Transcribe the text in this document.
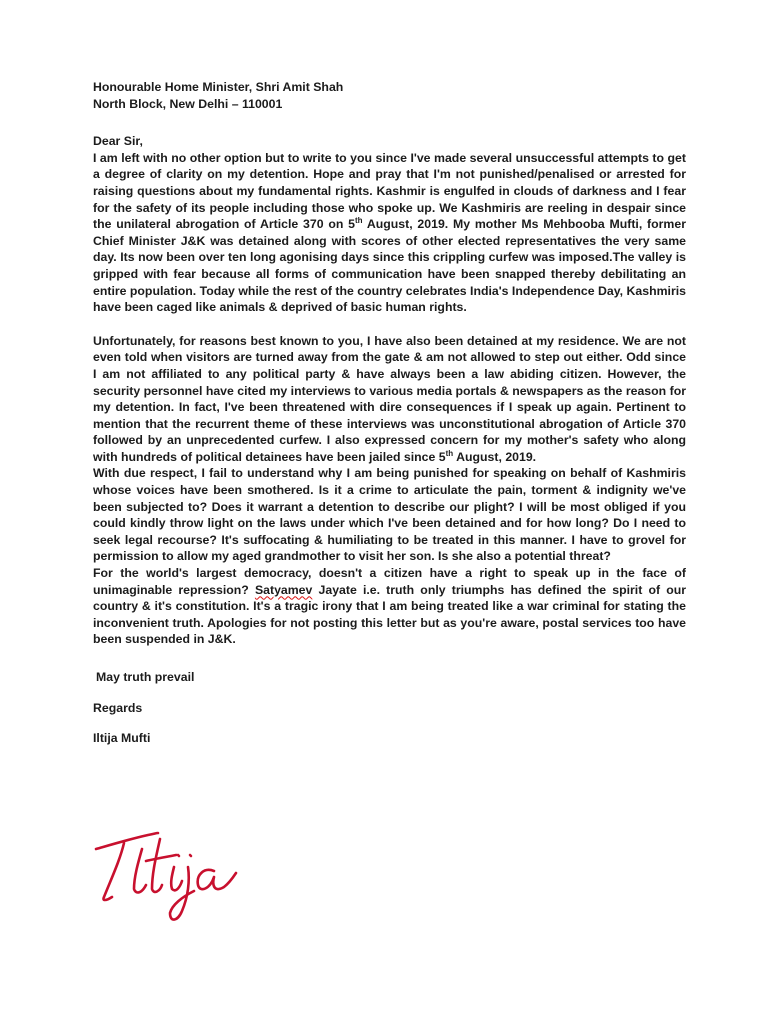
Honourable Home Minister, Shri Amit Shah

North Block, New Delhi – 110001

Dear Sir,

I am left with no other option but to write to you since I've made several unsuccessful attempts to get a degree of clarity on my detention. Hope and pray that I'm not punished/penalised or arrested for raising questions about my fundamental rights. Kashmir is engulfed in clouds of darkness and I fear for the safety of its people including those who spoke up. We Kashmiris are reeling in despair since the unilateral abrogation of Article 370 on 5th August, 2019. My mother Ms Mehbooba Mufti, former Chief Minister J&K was detained along with scores of other elected representatives the very same day. Its now been over ten long agonising days since this crippling curfew was imposed.The valley is gripped with fear because all forms of communication have been snapped thereby debilitating an entire population. Today while the rest of the country celebrates India's Independence Day, Kashmiris have been caged like animals & deprived of basic human rights.

Unfortunately, for reasons best known to you, I have also been detained at my residence. We are not even told when visitors are turned away from the gate & am not allowed to step out either. Odd since I am not affiliated to any political party & have always been a law abiding citizen. However, the security personnel have cited my interviews to various media portals & newspapers as the reason for my detention. In fact, I've been threatened with dire consequences if I speak up again. Pertinent to mention that the recurrent theme of these interviews was unconstitutional abrogation of Article 370 followed by an unprecedented curfew. I also expressed concern for my mother's safety who along with hundreds of political detainees have been jailed since 5th August, 2019.

With due respect, I fail to understand why I am being punished for speaking on behalf of Kashmiris whose voices have been smothered. Is it a crime to articulate the pain, torment & indignity we've been subjected to? Does it warrant a detention to describe our plight? I will be most obliged if you could kindly throw light on the laws under which I've been detained and for how long? Do I need to seek legal recourse? It's suffocating & humiliating to be treated in this manner. I have to grovel for permission to allow my aged grandmother to visit her son. Is she also a potential threat?

For the world's largest democracy, doesn't a citizen have a right to speak up in the face of unimaginable repression? Satyamev Jayate i.e. truth only triumphs has defined the spirit of our country & it's constitution. It's a tragic irony that I am being treated like a war criminal for stating the inconvenient truth. Apologies for not posting this letter but as you're aware, postal services too have been suspended in J&K.

May truth prevail

Regards

Iltija Mufti
